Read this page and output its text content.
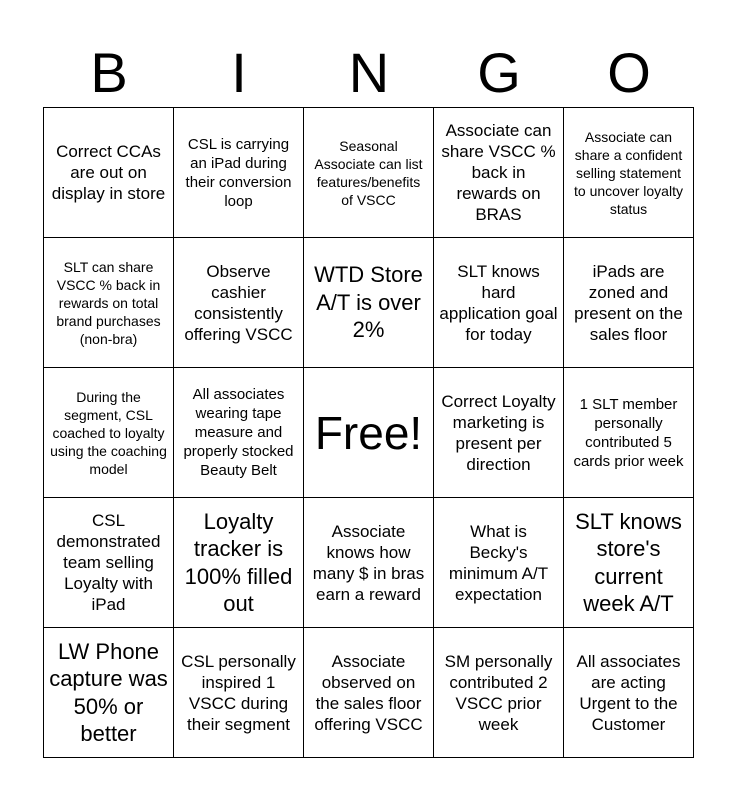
B	I	N	G	O
Correct CCAs are out on display in store
CSL is carrying an iPad during their conversion loop
Seasonal Associate can list features/benefits of VSCC
Associate can share VSCC % back in rewards on BRAS
Associate can share a confident selling statement to uncover loyalty status
SLT can share VSCC % back in rewards on total brand purchases (non-bra)
Observe cashier consistently offering VSCC
WTD Store A/T is over 2%
SLT knows hard application goal for today
iPads are zoned and present on the sales floor
During the segment, CSL coached to loyalty using the coaching model
All associates wearing tape measure and properly stocked Beauty Belt
Free!
Correct Loyalty marketing is present per direction
1 SLT member personally contributed 5 cards prior week
CSL demonstrated team selling Loyalty with iPad
Loyalty tracker is 100% filled out
Associate knows how many $ in bras earn a reward
What is Becky's minimum A/T expectation
SLT knows store's current week A/T
LW Phone capture was 50% or better
CSL personally inspired 1 VSCC during their segment
Associate observed on the sales floor offering VSCC
SM personally contributed 2 VSCC prior week
All associates are acting Urgent to the Customer
